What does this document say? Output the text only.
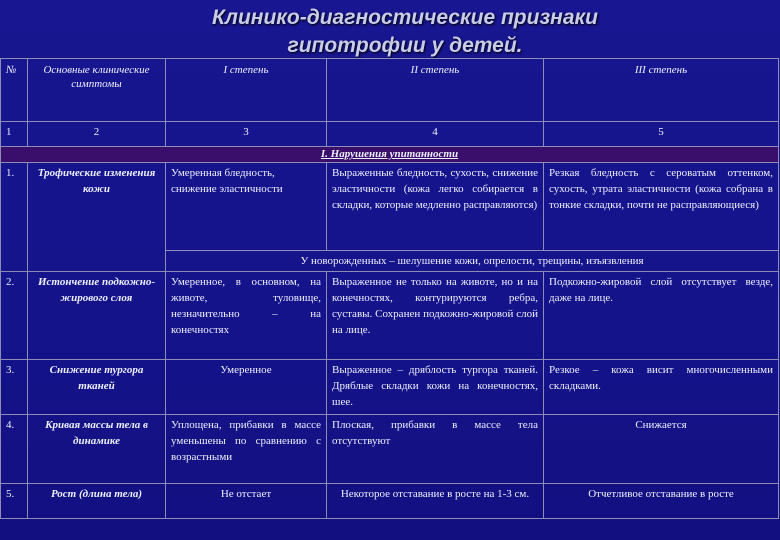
Клинико-диагностические признаки
гипотрофии у детей.
№	Основные клинические симптомы	I степень	II степень	III степень
1	2	3	4	5
I. Нарушения упитанности				
1.	Трофические изменения кожи	Умеренная бледность, снижение эластичности	Выраженные бледность, сухость, снижение эластичности (кожа легко собирается в складки, которые медленно расправляются)	Резкая бледность с сероватым оттенком, сухость, утрата эластичности (кожа собрана в тонкие складки, почти не расправляющиеся)
		У новорожденных – шелушение кожи, опрелости, трещины, изъязвления		
2.	Истончение подкожно-жирового слоя	Умеренное, в основном, на животе, туловище, незначительно – на конечностях	Выраженное не только на животе, но и на конечностях, контурируются ребра, суставы. Сохранен подкожно-жировой слой на лице.	Подкожно-жировой слой отсутствует везде, даже на лице.
3.	Снижение тургора тканей	Умеренное	Выраженное – дряблость тургора тканей. Дряблые складки кожи на конечностях, шее.	Резкое – кожа висит многочисленными складками.
4.	Кривая массы тела в динамике	Уплощена, прибавки в массе уменьшены по сравнению с возрастными	Плоская, прибавки в массе тела отсутствуют	Снижается
5.	Рост (длина тела)	Не отстает	Некоторое отставание в росте на 1-3 см.	Отчетливое отставание в росте
